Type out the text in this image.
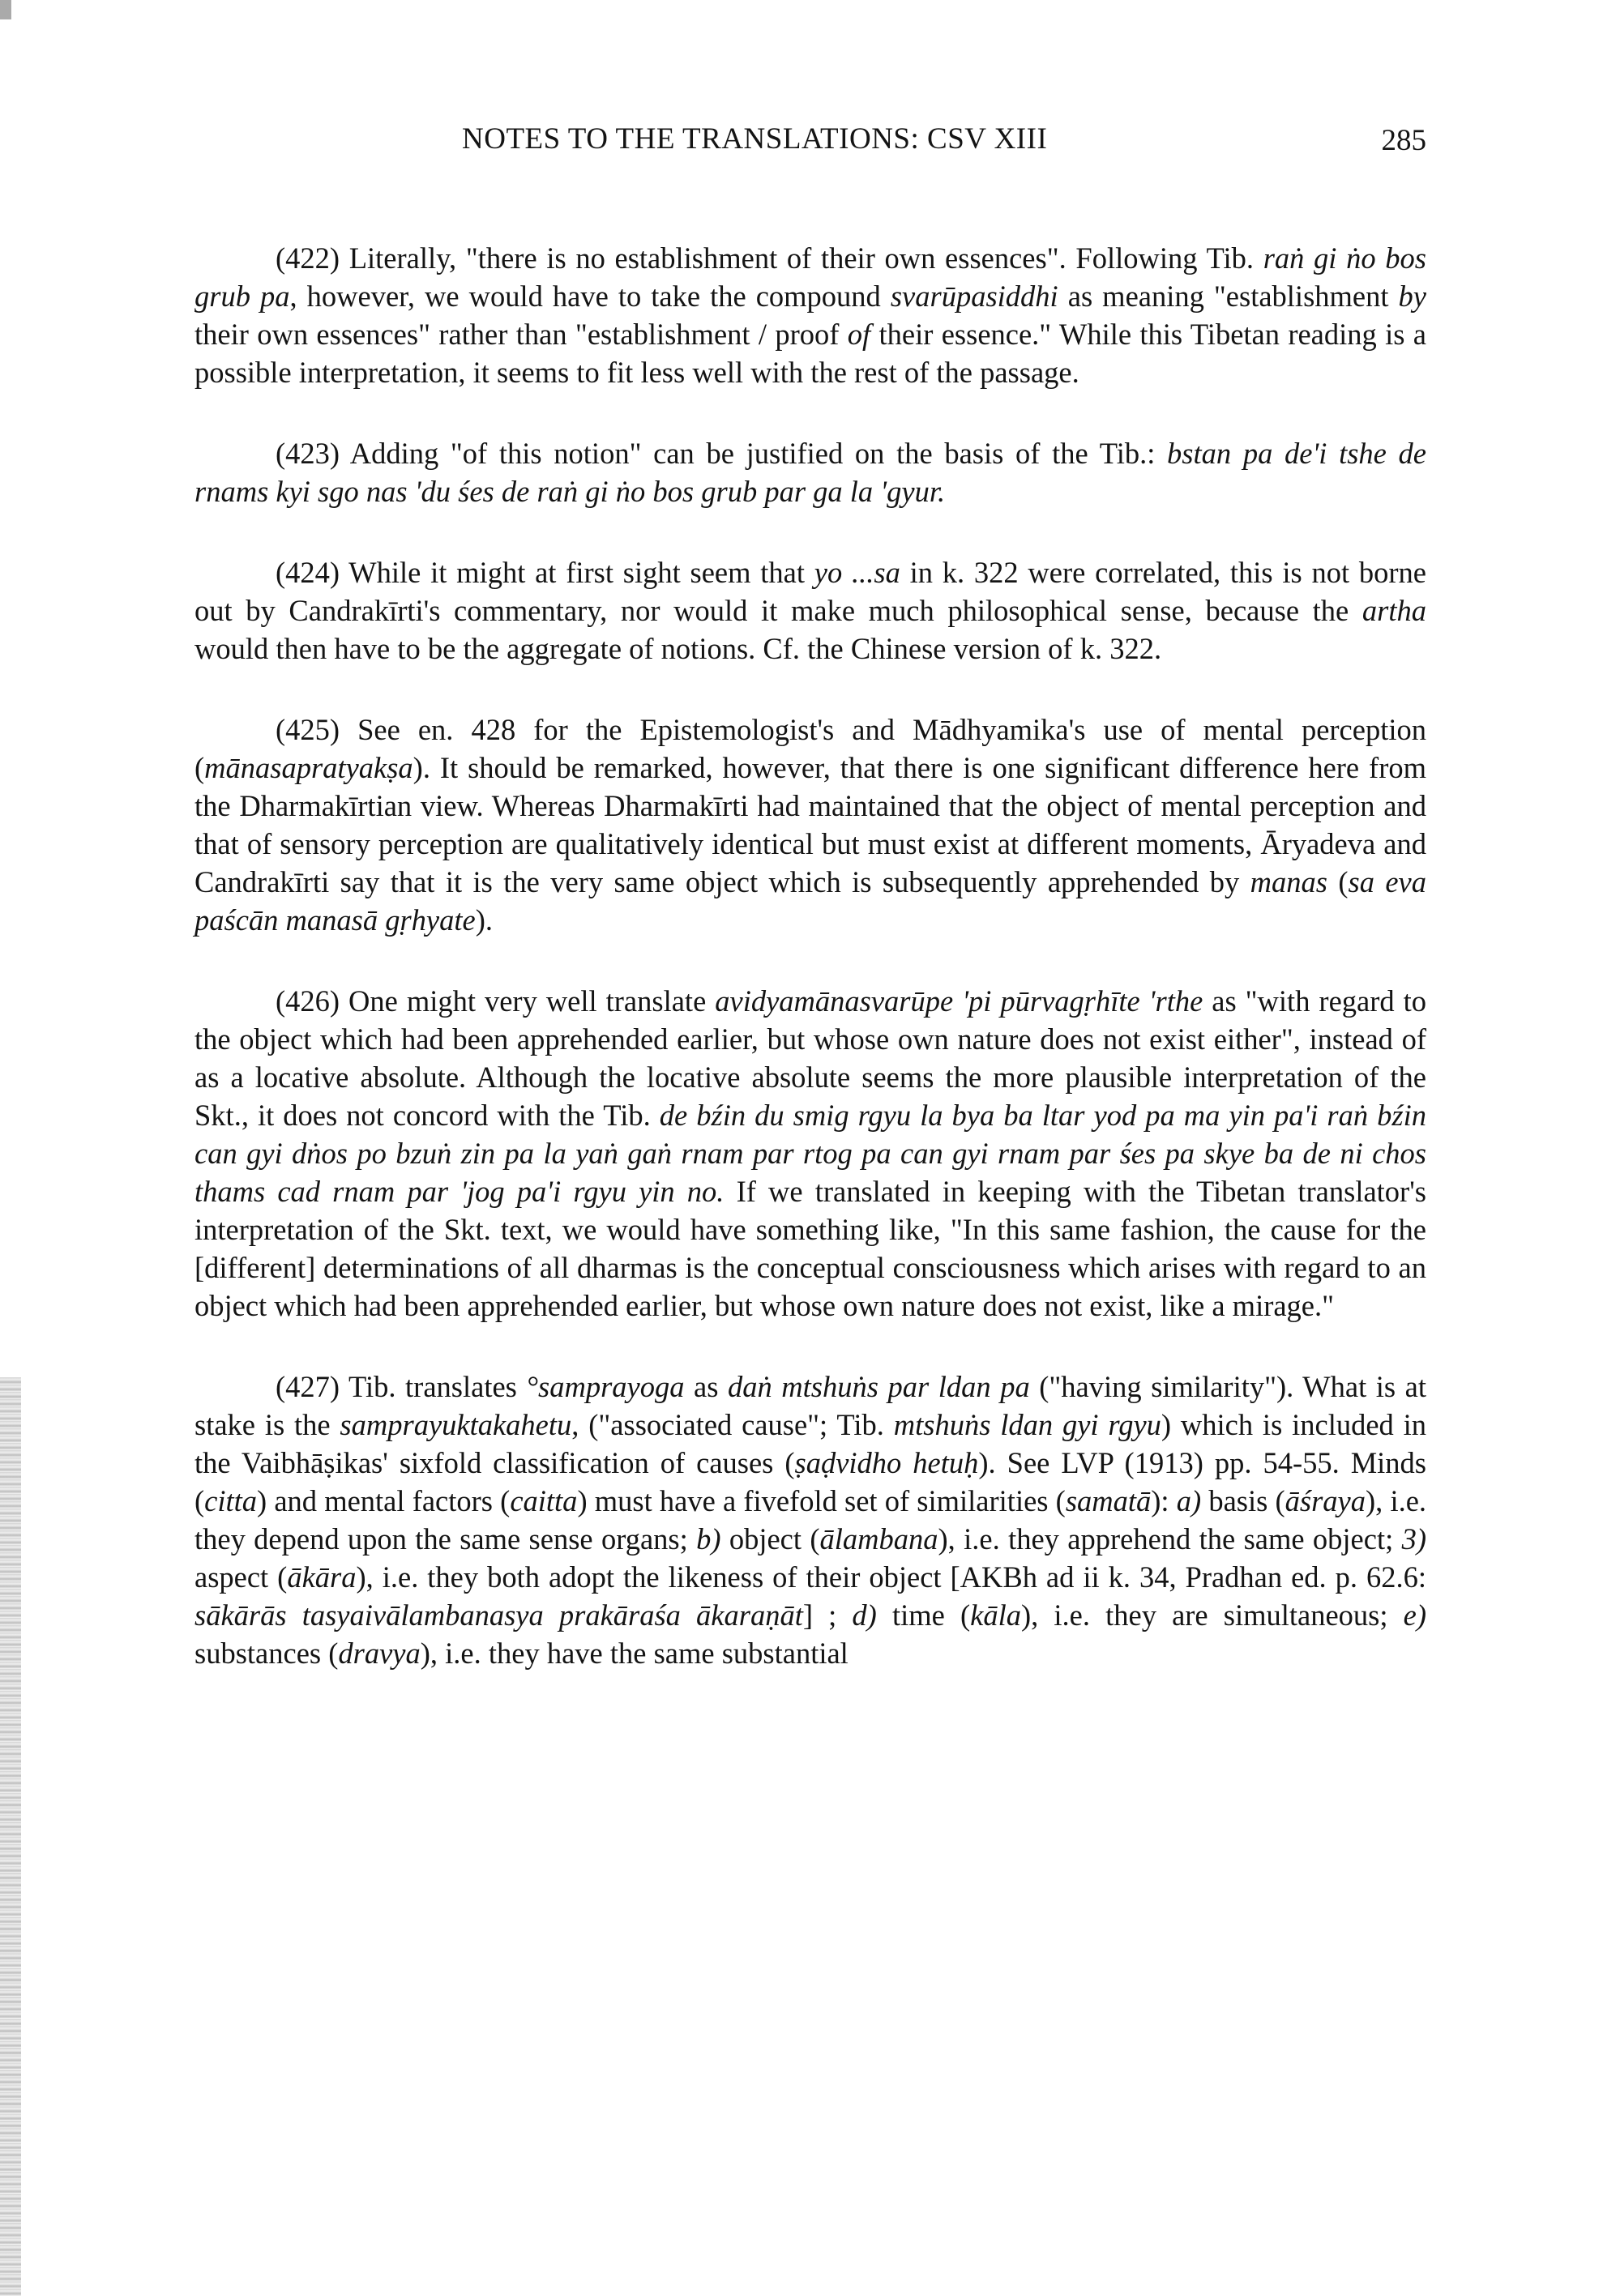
NOTES TO THE TRANSLATIONS: CSV XIII	285

(422) Literally, "there is no establishment of their own essences". Following Tib. raṅ gi ṅo bos grub pa, however, we would have to take the compound svarūpasiddhi as meaning "establishment by their own essences" rather than "establishment / proof of their essence." While this Tibetan reading is a possible interpretation, it seems to fit less well with the rest of the passage.

(423) Adding "of this notion" can be justified on the basis of the Tib.: bstan pa de'i tshe de rnams kyi sgo nas 'du śes de raṅ gi ṅo bos grub par ga la 'gyur.

(424) While it might at first sight seem that yo ...sa in k. 322 were correlated, this is not borne out by Candrakīrti's commentary, nor would it make much philosophical sense, because the artha would then have to be the aggregate of notions. Cf. the Chinese version of k. 322.

(425) See en. 428 for the Epistemologist's and Mādhyamika's use of mental perception (mānasapratyakṣa). It should be remarked, however, that there is one significant difference here from the Dharmakīrtian view. Whereas Dharmakīrti had maintained that the object of mental perception and that of sensory perception are qualitatively identical but must exist at different moments, Āryadeva and Candrakīrti say that it is the very same object which is subsequently apprehended by manas (sa eva paścān manasā gṛhyate).

(426) One might very well translate avidyamānasvarūpe 'pi pūrvagṛhīte 'rthe as "with regard to the object which had been apprehended earlier, but whose own nature does not exist either", instead of as a locative absolute. Although the locative absolute seems the more plausible interpretation of the Skt., it does not concord with the Tib. de bźin du smig rgyu la bya ba ltar yod pa ma yin pa'i raṅ bźin can gyi dṅos po bzuṅ zin pa la yaṅ gaṅ rnam par rtog pa can gyi rnam par śes pa skye ba de ni chos thams cad rnam par 'jog pa'i rgyu yin no. If we translated in keeping with the Tibetan translator's interpretation of the Skt. text, we would have something like, "In this same fashion, the cause for the [different] determinations of all dharmas is the conceptual consciousness which arises with regard to an object which had been apprehended earlier, but whose own nature does not exist, like a mirage."

(427) Tib. translates °samprayoga as daṅ mtshuṅs par ldan pa ("having similarity"). What is at stake is the samprayuktakahetu, ("associated cause"; Tib. mtshuṅs ldan gyi rgyu) which is included in the Vaibhāṣikas' sixfold classification of causes (ṣaḍvidho hetuḥ). See LVP (1913) pp. 54-55. Minds (citta) and mental factors (caitta) must have a fivefold set of similarities (samatā): a) basis (āśraya), i.e. they depend upon the same sense organs; b) object (ālambana), i.e. they apprehend the same object; 3) aspect (ākāra), i.e. they both adopt the likeness of their object [AKBh ad ii k. 34, Pradhan ed. p. 62.6: sākārās tasyaivālambanasya prakāraśa ākaraṇāt] ; d) time (kāla), i.e. they are simultaneous; e) substances (dravya), i.e. they have the same substantial
